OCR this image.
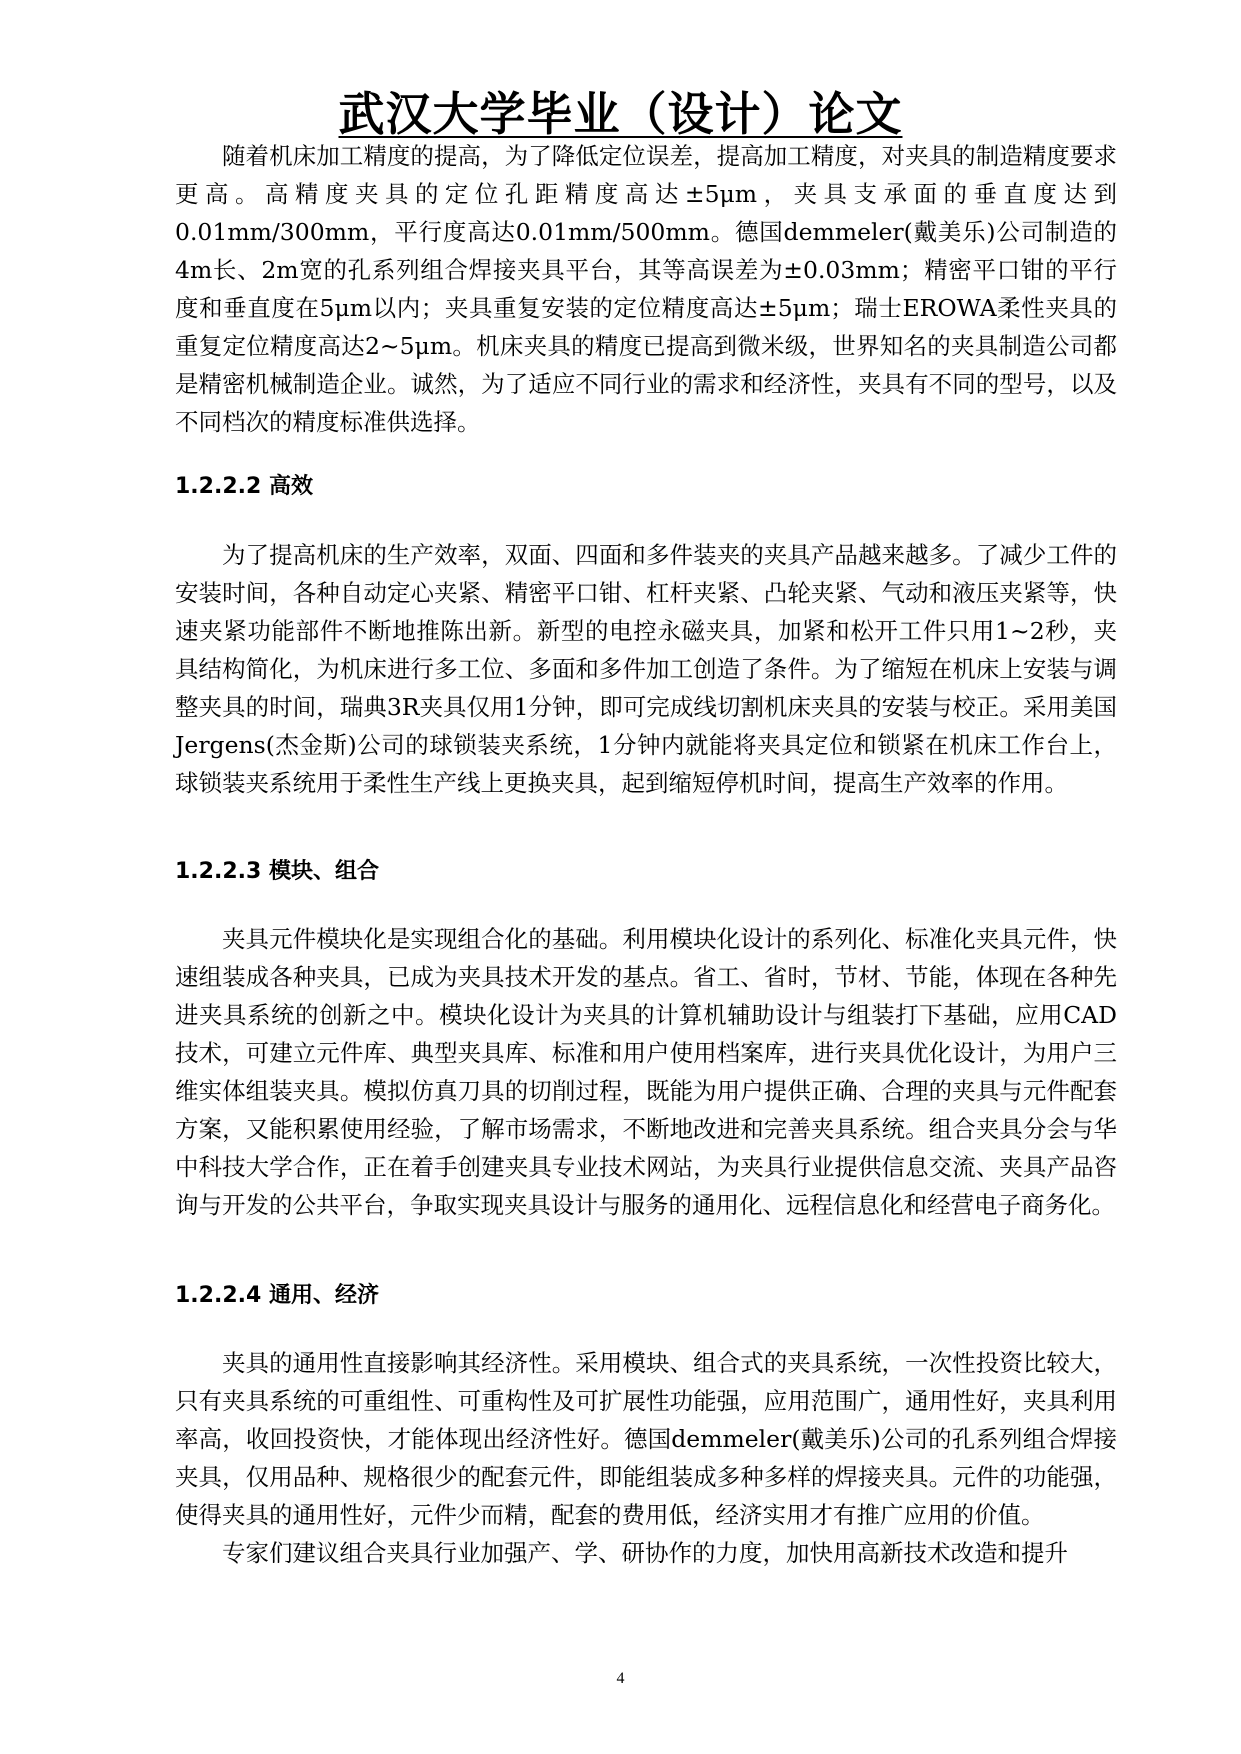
武汉大学毕业（设计）论文

随着机床加工精度的提高，为了降低定位误差，提高加工精度，对夹具的制造精度要求更高。高精度夹具的定位孔距精度高达±5μm，夹具支承面的垂直度达到0.01mm/300mm，平行度高达0.01mm/500mm。德国demmeler(戴美乐)公司制造的4m长、2m宽的孔系列组合焊接夹具平台，其等高误差为±0.03mm；精密平口钳的平行度和垂直度在5μm以内；夹具重复安装的定位精度高达±5μm；瑞士EROWA柔性夹具的重复定位精度高达2~5μm。机床夹具的精度已提高到微米级，世界知名的夹具制造公司都是精密机械制造企业。诚然，为了适应不同行业的需求和经济性，夹具有不同的型号，以及不同档次的精度标准供选择。

1.2.2.2 高效

为了提高机床的生产效率，双面、四面和多件装夹的夹具产品越来越多。了减少工件的安装时间，各种自动定心夹紧、精密平口钳、杠杆夹紧、凸轮夹紧、气动和液压夹紧等，快速夹紧功能部件不断地推陈出新。新型的电控永磁夹具，加紧和松开工件只用1~2秒，夹具结构简化，为机床进行多工位、多面和多件加工创造了条件。为了缩短在机床上安装与调整夹具的时间，瑞典3R夹具仅用1分钟，即可完成线切割机床夹具的安装与校正。采用美国Jergens(杰金斯)公司的球锁装夹系统，1分钟内就能将夹具定位和锁紧在机床工作台上，球锁装夹系统用于柔性生产线上更换夹具，起到缩短停机时间，提高生产效率的作用。

1.2.2.3 模块、组合

夹具元件模块化是实现组合化的基础。利用模块化设计的系列化、标准化夹具元件，快速组装成各种夹具，已成为夹具技术开发的基点。省工、省时，节材、节能，体现在各种先进夹具系统的创新之中。模块化设计为夹具的计算机辅助设计与组装打下基础，应用CAD技术，可建立元件库、典型夹具库、标准和用户使用档案库，进行夹具优化设计，为用户三维实体组装夹具。模拟仿真刀具的切削过程，既能为用户提供正确、合理的夹具与元件配套方案，又能积累使用经验，了解市场需求，不断地改进和完善夹具系统。组合夹具分会与华中科技大学合作，正在着手创建夹具专业技术网站，为夹具行业提供信息交流、夹具产品咨询与开发的公共平台，争取实现夹具设计与服务的通用化、远程信息化和经营电子商务化。

1.2.2.4 通用、经济

夹具的通用性直接影响其经济性。采用模块、组合式的夹具系统，一次性投资比较大，只有夹具系统的可重组性、可重构性及可扩展性功能强，应用范围广，通用性好，夹具利用率高，收回投资快，才能体现出经济性好。德国demmeler(戴美乐)公司的孔系列组合焊接夹具，仅用品种、规格很少的配套元件，即能组装成多种多样的焊接夹具。元件的功能强，使得夹具的通用性好，元件少而精，配套的费用低，经济实用才有推广应用的价值。

专家们建议组合夹具行业加强产、学、研协作的力度，加快用高新技术改造和提升

4
